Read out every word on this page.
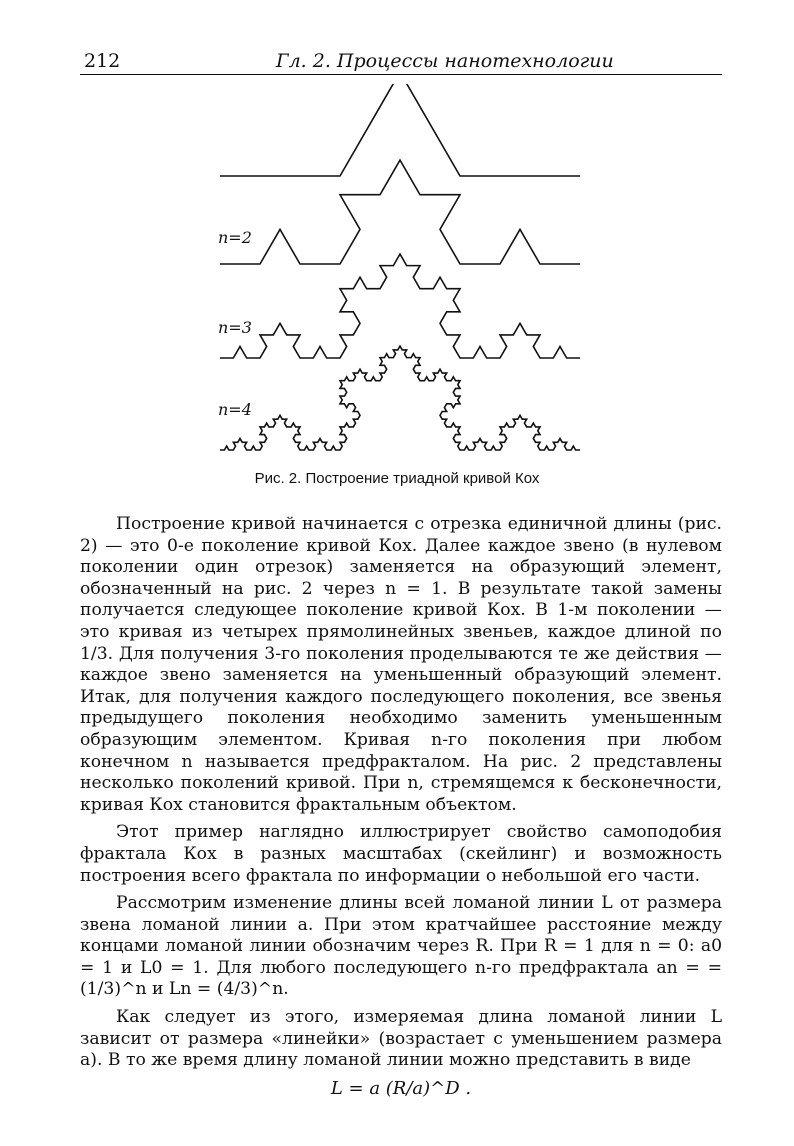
212	Гл. 2. Процессы нанотехнологии
n=2
n=3
n=4
Рис. 2. Построение триадной кривой Кох

Построение кривой начинается с отрезка единичной длины (рис. 2) — это 0-е поколение кривой Кох. Далее каждое звено (в нулевом поколении один отрезок) заменяется на образующий элемент, обозначенный на рис. 2 через n = 1. В результате такой замены получается следующее поколение кривой Кох. В 1-м поколении — это кривая из четырех прямолинейных звеньев, каждое длиной по 1/3. Для получения 3-го поколения проделываются те же действия — каждое звено заменяется на уменьшенный образующий элемент. Итак, для получения каждого последующего поколения, все звенья предыдущего поколения необходимо заменить уменьшенным образующим элементом. Кривая n-го поколения при любом конечном n называется предфракталом. На рис. 2 представлены несколько поколений кривой. При n, стремящемся к бесконечности, кривая Кох становится фрактальным объектом.

Этот пример наглядно иллюстрирует свойство самоподобия фрактала Кох в разных масштабах (скейлинг) и возможность построения всего фрактала по информации о небольшой его части.

Рассмотрим изменение длины всей ломаной линии L от размера звена ломаной линии a. При этом кратчайшее расстояние между концами ломаной линии обозначим через R. При R = 1 для n = 0: a0 = 1 и L0 = 1. Для любого последующего n-го предфрактала an = = (1/3)^n и Ln = (4/3)^n.

Как следует из этого, измеряемая длина ломаной линии L зависит от размера «линейки» (возрастает с уменьшением размера a). В то же время длину ломаной линии можно представить в виде

L = a (R/a)^D .
